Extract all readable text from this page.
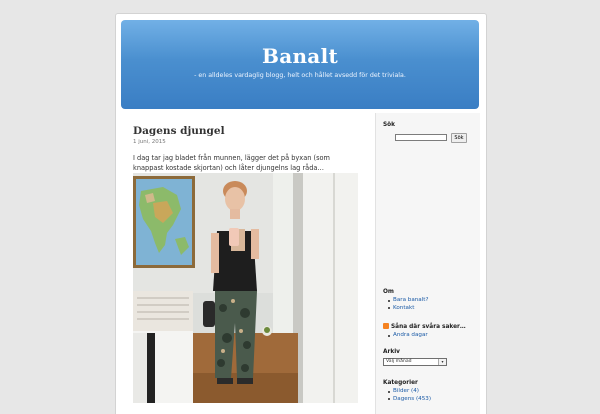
Banalt
- en alldeles vardaglig blogg, helt och hållet avsedd för det triviala.
Dagens djungel
1 juni, 2015
I dag tar jag bladet från munnen, lägger det på byxan (som knappast kostade skjortan) och låter djungelns lag råda…
Sök
Sök
Om
Bara banalt?
Kontakt
Såna där svåra saker…
Andra dagar
Arkiv
Välj månad	▾
Kategorier
Bilder (4)
Dagens (453)
